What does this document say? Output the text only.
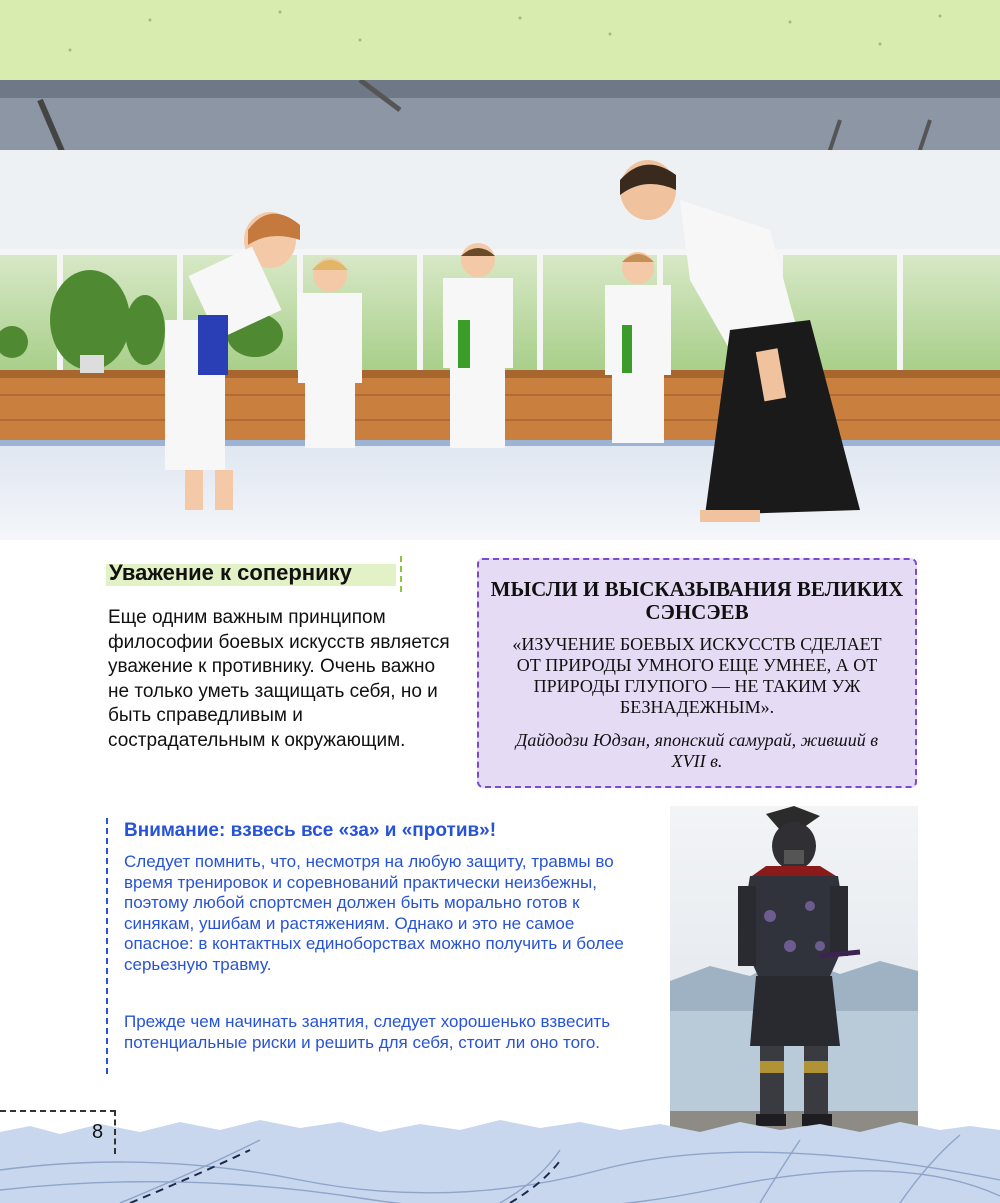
Уважение к сопернику

Еще одним важным принципом философии боевых искусств является уважение к противнику. Очень важно не только уметь защищать себя, но и быть справедливым и сострадательным к окружающим.

МЫСЛИ И ВЫСКАЗЫВАНИЯ ВЕЛИКИХ СЭНСЭЕВ
«ИЗУЧЕНИЕ БОЕВЫХ ИСКУССТВ СДЕЛАЕТ ОТ ПРИРОДЫ УМНОГО ЕЩЕ УМНЕЕ, А ОТ ПРИРОДЫ ГЛУПОГО — НЕ ТАКИМ УЖ БЕЗНАДЕЖНЫМ».
Дайдодзи Юдзан, японский самурай, живший в XVII в.
Внимание: взвесь все «за» и «против»!

Следует помнить, что, несмотря на любую защиту, травмы во время тренировок и соревнований практически неизбежны, поэтому любой спортсмен должен быть морально готов к синякам, ушибам и растяжениям. Однако и это не самое опасное: в контактных единоборствах можно получить и более серьезную травму.

Прежде чем начинать занятия, следует хорошенько взвесить потенциальные риски и решить для себя, стоит ли оно того.

8
